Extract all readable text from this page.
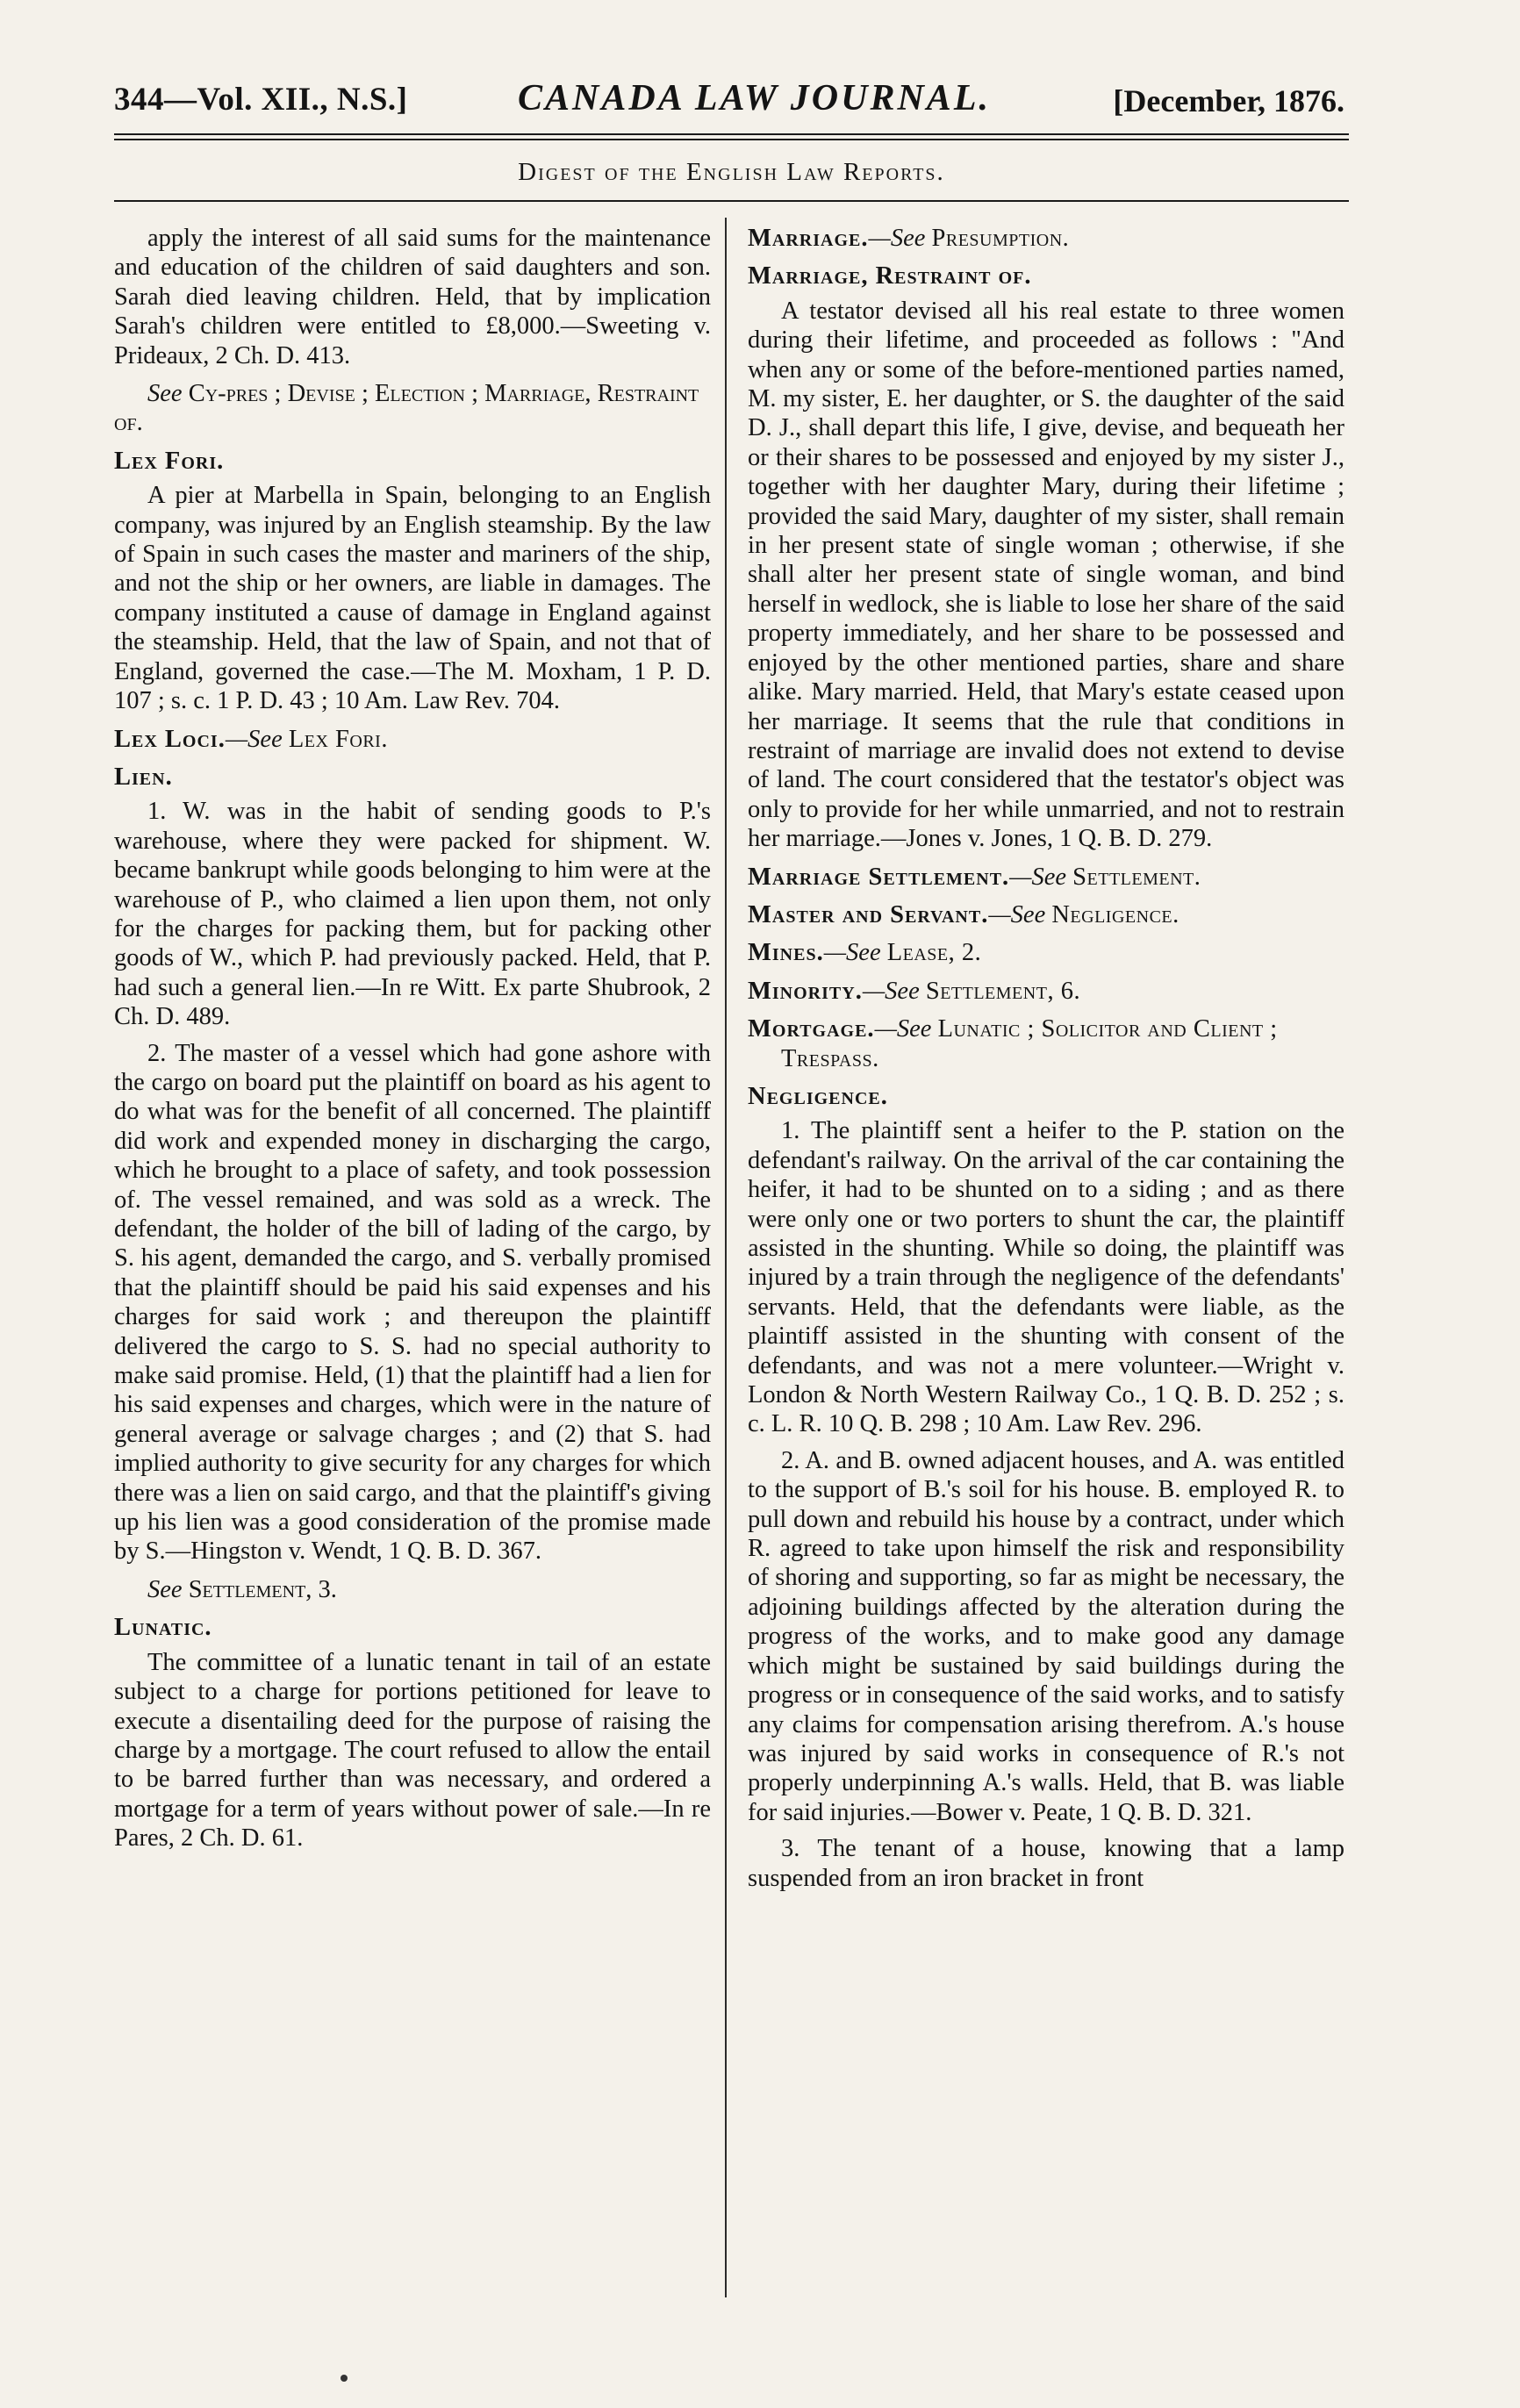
344—Vol. XII., N.S.]	CANADA LAW JOURNAL.	[December, 1876.
Digest of the English Law Reports.

apply the interest of all said sums for the maintenance and education of the children of said daughters and son. Sarah died leaving children. Held, that by implication Sarah's children were entitled to £8,000.—Sweeting v. Prideaux, 2 Ch. D. 413.

See Cy-pres ; Devise ; Election ; Marriage, Restraint of.

Lex Fori.

A pier at Marbella in Spain, belonging to an English company, was injured by an English steamship. By the law of Spain in such cases the master and mariners of the ship, and not the ship or her owners, are liable in damages. The company instituted a cause of damage in England against the steamship. Held, that the law of Spain, and not that of England, governed the case.—The M. Moxham, 1 P. D. 107 ; s. c. 1 P. D. 43 ; 10 Am. Law Rev. 704.

Lex Loci.—See Lex Fori.
Lien.

1. W. was in the habit of sending goods to P.'s warehouse, where they were packed for shipment. W. became bankrupt while goods belonging to him were at the warehouse of P., who claimed a lien upon them, not only for the charges for packing them, but for packing other goods of W., which P. had previously packed. Held, that P. had such a general lien.—In re Witt. Ex parte Shubrook, 2 Ch. D. 489.

2. The master of a vessel which had gone ashore with the cargo on board put the plaintiff on board as his agent to do what was for the benefit of all concerned. The plaintiff did work and expended money in discharging the cargo, which he brought to a place of safety, and took possession of. The vessel remained, and was sold as a wreck. The defendant, the holder of the bill of lading of the cargo, by S. his agent, demanded the cargo, and S. verbally promised that the plaintiff should be paid his said expenses and his charges for said work ; and thereupon the plaintiff delivered the cargo to S. S. had no special authority to make said promise. Held, (1) that the plaintiff had a lien for his said expenses and charges, which were in the nature of general average or salvage charges ; and (2) that S. had implied authority to give security for any charges for which there was a lien on said cargo, and that the plaintiff's giving up his lien was a good consideration of the promise made by S.—Hingston v. Wendt, 1 Q. B. D. 367.

See Settlement, 3.

Lunatic.

The committee of a lunatic tenant in tail of an estate subject to a charge for portions petitioned for leave to execute a disentailing deed for the purpose of raising the charge by a mortgage. The court refused to allow the entail to be barred further than was necessary, and ordered a mortgage for a term of years without power of sale.—In re Pares, 2 Ch. D. 61.

Marriage.—See Presumption.
Marriage, Restraint of.

A testator devised all his real estate to three women during their lifetime, and proceeded as follows : "And when any or some of the before-mentioned parties named, M. my sister, E. her daughter, or S. the daughter of the said D. J., shall depart this life, I give, devise, and bequeath her or their shares to be possessed and enjoyed by my sister J., together with her daughter Mary, during their lifetime ; provided the said Mary, daughter of my sister, shall remain in her present state of single woman ; otherwise, if she shall alter her present state of single woman, and bind herself in wedlock, she is liable to lose her share of the said property immediately, and her share to be possessed and enjoyed by the other mentioned parties, share and share alike. Mary married. Held, that Mary's estate ceased upon her marriage. It seems that the rule that conditions in restraint of marriage are invalid does not extend to devise of land. The court considered that the testator's object was only to provide for her while unmarried, and not to restrain her marriage.—Jones v. Jones, 1 Q. B. D. 279.

Marriage Settlement.—See Settlement.
Master and Servant.—See Negligence.
Mines.—See Lease, 2.
Minority.—See Settlement, 6.
Mortgage.—See Lunatic ; Solicitor and Client ; Trespass.
Negligence.

1. The plaintiff sent a heifer to the P. station on the defendant's railway. On the arrival of the car containing the heifer, it had to be shunted on to a siding ; and as there were only one or two porters to shunt the car, the plaintiff assisted in the shunting. While so doing, the plaintiff was injured by a train through the negligence of the defendants' servants. Held, that the defendants were liable, as the plaintiff assisted in the shunting with consent of the defendants, and was not a mere volunteer.—Wright v. London & North Western Railway Co., 1 Q. B. D. 252 ; s. c. L. R. 10 Q. B. 298 ; 10 Am. Law Rev. 296.

2. A. and B. owned adjacent houses, and A. was entitled to the support of B.'s soil for his house. B. employed R. to pull down and rebuild his house by a contract, under which R. agreed to take upon himself the risk and responsibility of shoring and supporting, so far as might be necessary, the adjoining buildings affected by the alteration during the progress of the works, and to make good any damage which might be sustained by said buildings during the progress or in consequence of the said works, and to satisfy any claims for compensation arising therefrom. A.'s house was injured by said works in consequence of R.'s not properly underpinning A.'s walls. Held, that B. was liable for said injuries.—Bower v. Peate, 1 Q. B. D. 321.

3. The tenant of a house, knowing that a lamp suspended from an iron bracket in front
